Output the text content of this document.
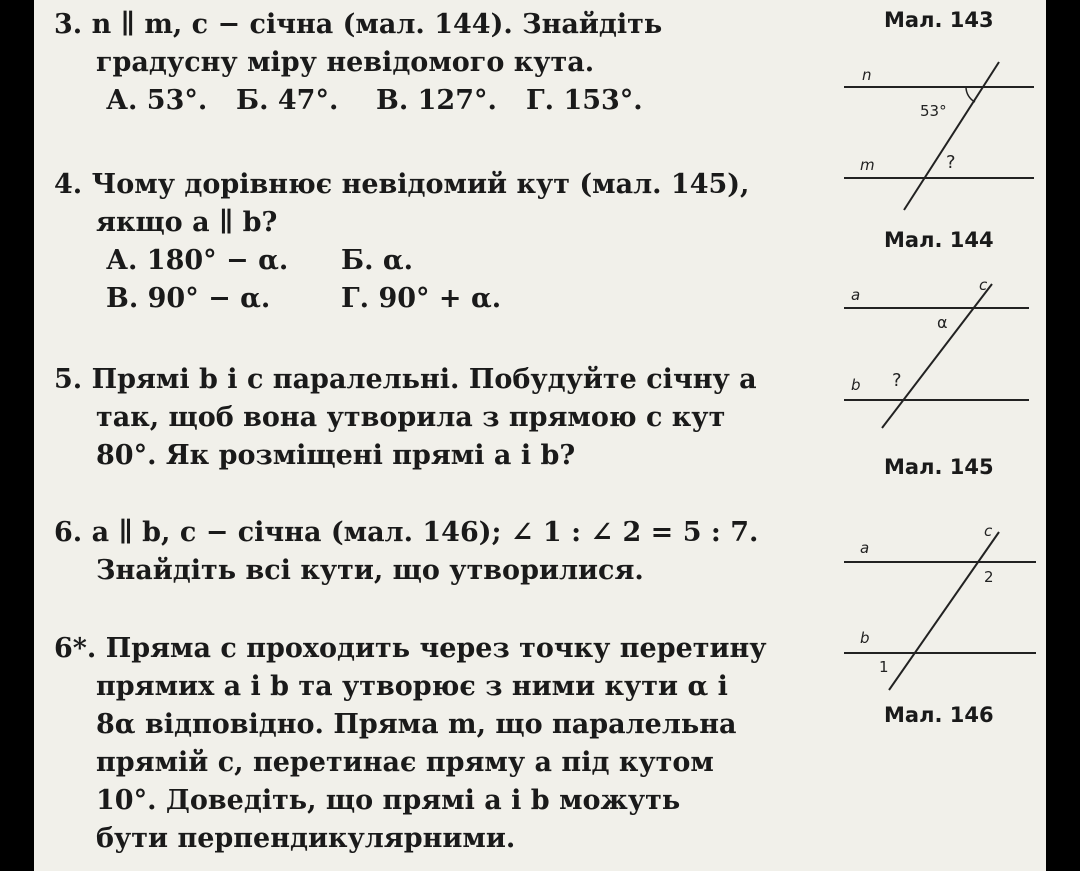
3. n ∥ m, c − січна (мал. 144). Знайдіть
градусну міру невідомого кута.
А. 53°. Б. 47°. В. 127°. Г. 153°.
4. Чому дорівнює невідомий кут (мал. 145),
якщо a ∥ b?
А. 180° − α. Б. α.
В. 90° − α.	Г. 90° + α.
5. Прямі b і c паралельні. Побудуйте січну a
так, щоб вона утворила з прямою c кут
80°. Як розміщені прямі a і b?
6. a ∥ b, c − січна (мал. 146); ∠ 1 : ∠ 2 = 5 : 7.
Знайдіть всі кути, що утворилися.
6*. Пряма c проходить через точку перетину
прямих a і b та утворює з ними кути α і
8α відповідно. Пряма m, що паралельна
прямій c, перетинає пряму a під кутом
10°. Доведіть, що прямі a і b можуть
бути перпендикулярними.
Мал. 143
Мал. 144
Мал. 145
Мал. 146
n
m
53°
?
a
b
c
α
?
a
b
c
2
1
